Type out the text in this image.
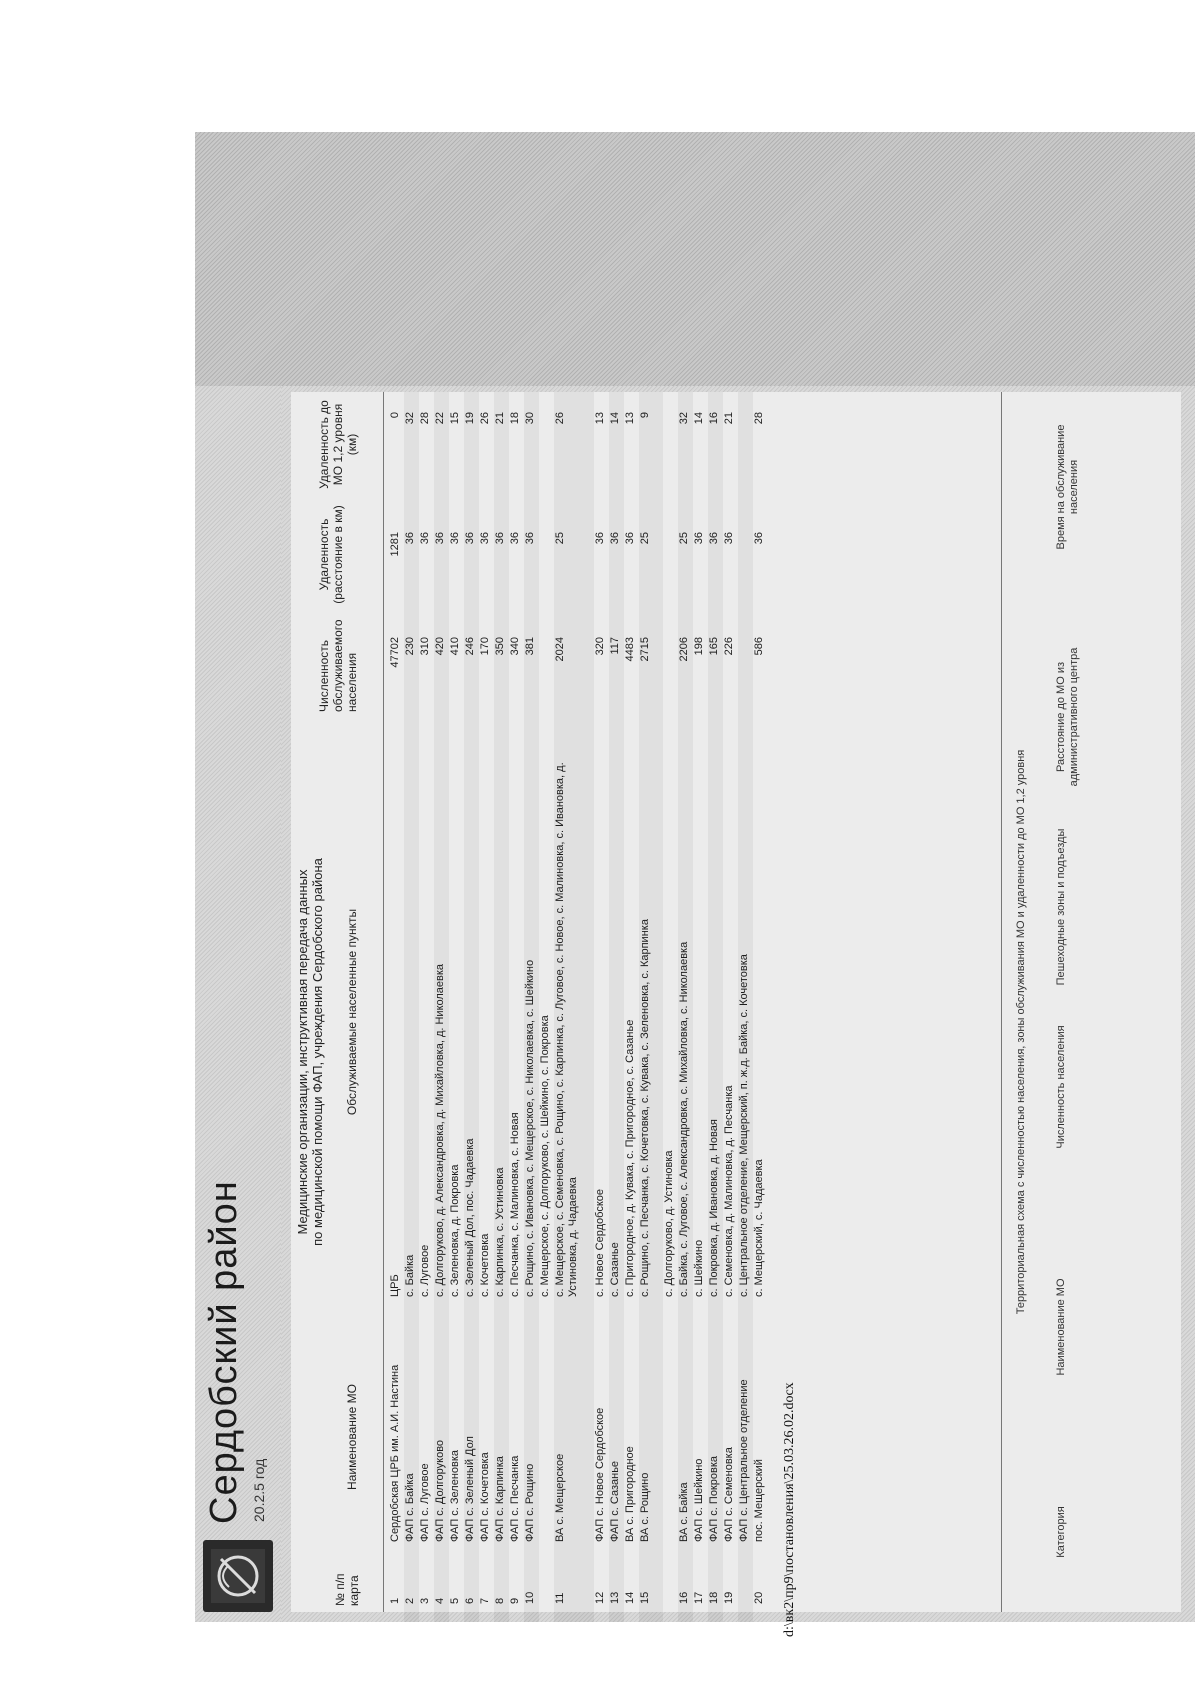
Сердобский район 20.2.5 год
Медицинские организации, инструктивная передача данных по медицинской помощи ФАП, учреждения Сердобского района
№ п/п карта
Наименование МО
Обслуживаемые населенные пункты
Численность обслуживаемого населения
Удаленность (расстояние в км)
Удаленность до МО 1,2 уровня (км)
1
Сердобская ЦРБ им. А.И. Настина
ЦРБ
47702
1281
0
2
ФАП с. Байка
с. Байка
230
36
32
3
ФАП с. Луговое
с. Луговое
310
36
28
4
ФАП с. Долгоруково
с. Долгоруково, д. Александровка, д. Михайловка, д. Николаевка
420
36
22
5
ФАП с. Зеленовка
с. Зеленовка, д. Покровка
410
36
15
6
ФАП с. Зеленый Дол
с. Зеленый Дол, пос. Чадаевка
246
36
19
7
ФАП с. Кочетовка
с. Кочетовка
170
36
26
8
ФАП с. Карпинка
с. Карпинка, с. Устиновка
350
36
21
9
ФАП с. Песчанка
с. Песчанка, с. Малиновка, с. Новая
340
36
18
10
ФАП с. Рощино
с. Рощино, с. Ивановка, с. Мещерское, с. Николаевка, с. Шейкино
381
36
30
с. Мещерское, с. Долгоруково, с. Шейкино, с. Покровка
11
ВА с. Мещерское
с. Мещерское, с. Семеновка, с. Рощино, с. Карпинка, с. Луговое, с. Новое, с. Малиновка, с. Ивановка, д. Устиновка, д. Чадаевка
2024
25
26
12
ФАП с. Новое Сердобское
с. Новое Сердобское
320
36
13
13
ФАП с. Сазанье
с. Сазанье
117
36
14
14
ВА с. Пригородное
с. Пригородное, д. Кувака, с. Пригородное, с. Сазанье
4483
36
13
15
ВА с. Рощино
с. Рощино, с. Песчанка, с. Кочетовка, с. Кувака, с. Зеленовка, с. Карпинка
2715
25
9
с. Долгоруково, д. Устиновка
16
ВА с. Байка
с. Байка, с. Луговое, с. Александровка, с. Михайловка, с. Николаевка
2206
25
32
17
ФАП с. Шейкино
с. Шейкино
198
36
14
18
ФАП с. Покровка
с. Покровка, д. Ивановка, д. Новая
165
36
16
19
ФАП с. Семеновка
с. Семеновка, д. Малиновка, д. Песчанка
226
36
21
ФАП с. Центральное отделение
с. Центральное отделение, Мещерский, п. ж.д. Байка, с. Кочетовка
20
пос. Мещерский
с. Мещерский, с. Чадаевка
586
36
28
Территориальная схема с численностью населения, зоны обслуживания МО и удаленности до МО 1,2 уровня
Категория
Наименование МО
Численность населения
Пешеходные зоны и подъезды
Расстояние до МО из административного центра
Время на обслуживание населения
d:\вк2\пр9\постановления\25.03.26.02.docx
